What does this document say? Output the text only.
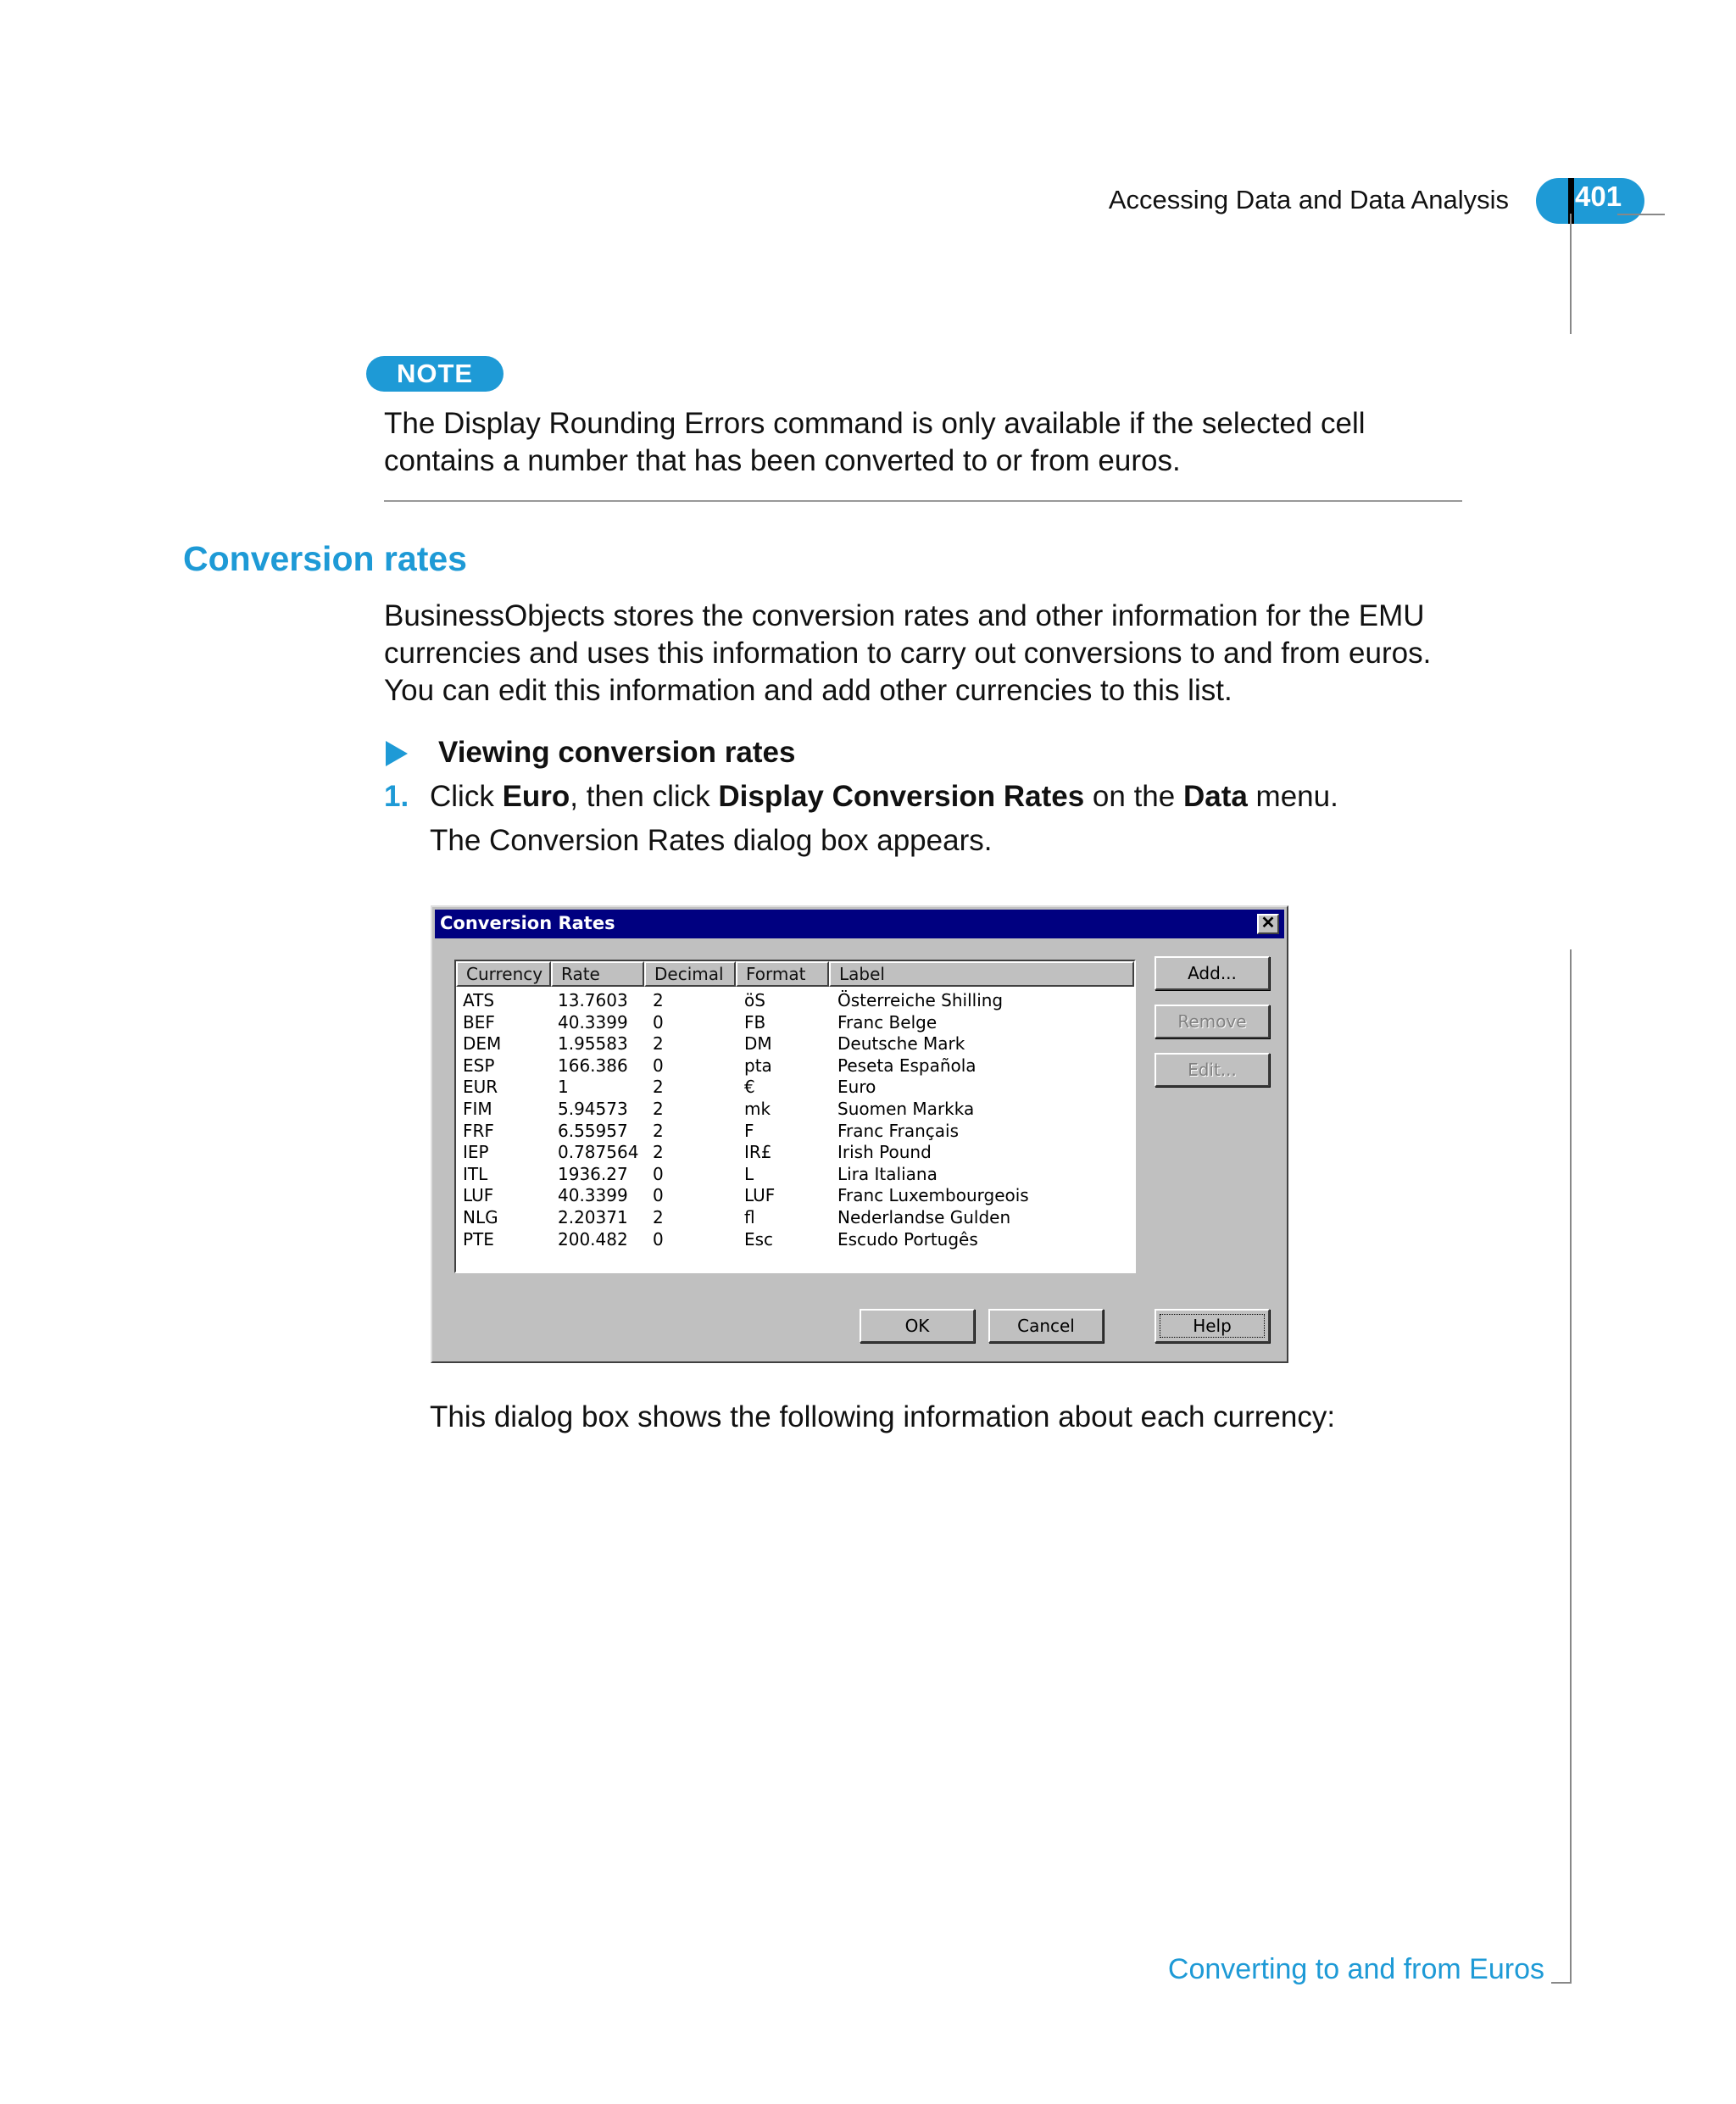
Accessing Data and Data Analysis 401
NOTE
The Display Rounding Errors command is only available if the selected cell
contains a number that has been converted to or from euros.
Conversion rates
BusinessObjects stores the conversion rates and other information for the EMU
currencies and uses this information to carry out conversions to and from euros.
You can edit this information and add other currencies to this list.
Viewing conversion rates
1. Click Euro, then click Display Conversion Rates on the Data menu.
The Conversion Rates dialog box appears.
Conversion Rates	✕
Currency	Rate	Decimal	Format	Label
ATS	13.7603 2	öS	Österreiche Shilling
BEF	40.3399 0	FB	Franc Belge
DEM	1.95583 2	DM	Deutsche Mark
ESP	166.386 0	pta	Peseta Española
EUR	1	2	€	Euro
FIM	5.94573 2	mk	Suomen Markka
FRF	6.55957 2	F	Franc Français
IEP	0.787564 2	IR£	Irish Pound
ITL	1936.27 0	L	Lira Italiana
LUF	40.3399 0	LUF	Franc Luxembourgeois
NLG	2.20371 2	fl	Nederlandse Gulden
PTE	200.482 0	Esc	Escudo Portugês
Add...
Remove
Edit...
OK	Cancel	Help
This dialog box shows the following information about each currency:
Converting to and from Euros
